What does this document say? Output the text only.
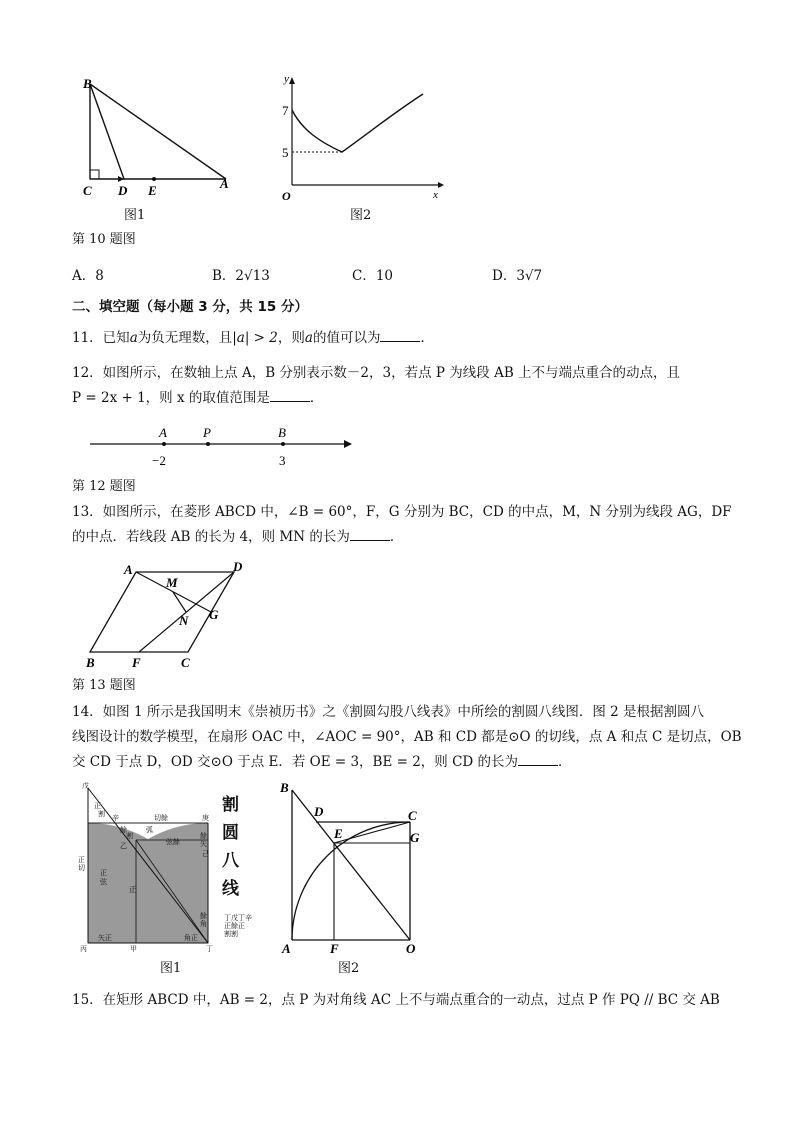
B
C D E	A
图1
y
7
5
O	x
图2
第 10 题图
A．8	B．2√13	C．10	D．3√7
二、填空题（每小题 3 分，共 15 分）
11．已知a为负无理数，且|a| > 2，则a的值可以为	．
12．如图所示，在数轴上点 A，B 分别表示数－2，3，若点 P 为线段 AB 上不与端点重合的动点，且
P = 2x + 1，则 x 的取值范围是	．
A	P	B
−2	3
第 12 题图
13．如图所示，在菱形 ABCD 中，∠B = 60°，F，G 分别为 BC，CD 的中点，M，N 分别为线段 AG，DF
的中点．若线段 AB 的长为 4，则 MN 的长为	．
A
M
D
G
N
B	F	C
第 13 题图
14．如图 1 所示是我国明末《崇祯历书》之《割圆勾股八线表》中所绘的割圆八线图．图 2 是根据割圆八
线图设计的数学模型，在扇形 OAC 中，∠AOC = 90°，AB 和 CD 都是⊙O 的切线，点 A 和点 C 是切点，OB
交 CD 于点 D，OD 交⊙O 于点 E．若 OE = 3，BE = 2，则 CD 的长为	．
戊
正
割 辛	切餘	庚
餘
割
弧
乙	弦餘
餘
矢
己
正
切
正
弦
矢正	角正
餘
角
丙	甲	丁
丁戊丁辛
正餘正
割割
正
割
圆
八
线
图1
B
D	C
E	G
A	F	O
图2
15．在矩形 ABCD 中，AB = 2，点 P 为对角线 AC 上不与端点重合的一动点，过点 P 作 PQ // BC 交 AB
